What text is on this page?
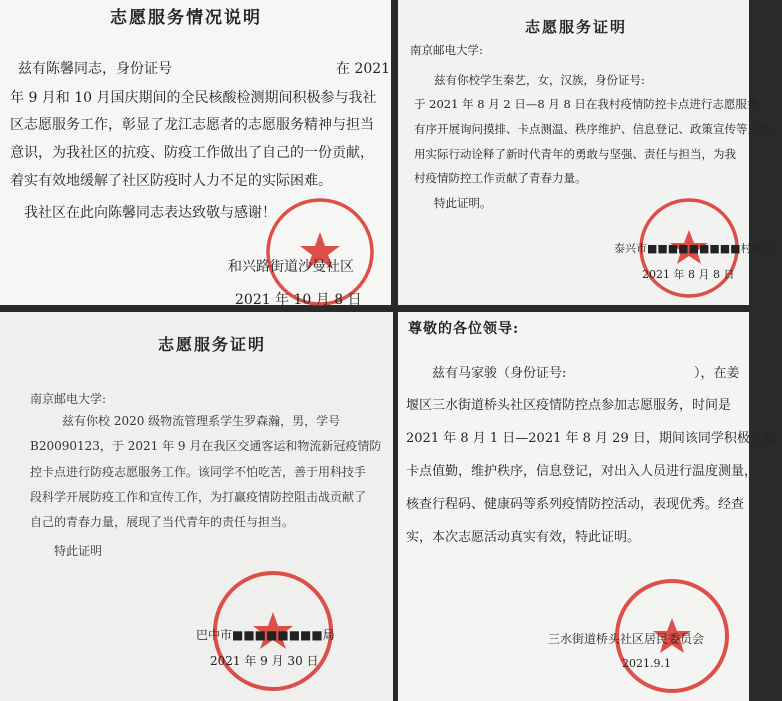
志愿服务情况说明
兹有陈馨同志，身份证号	在 2021
年 9 月和 10 月国庆期间的全民核酸检测期间积极参与我社
区志愿服务工作，彰显了龙江志愿者的志愿服务精神与担当
意识，为我社区的抗疫、防疫工作做出了自己的一份贡献，
着实有效地缓解了社区防疫时人力不足的实际困难。
我社区在此向陈馨同志表达致敬与感谢！
和兴路街道沙曼社区
2021 年 10 月 8 日
志愿服务证明
南京邮电大学:
兹有你校学生秦艺，女，汉族，身份证号:
于 2021 年 8 月 2 日—8 月 8 日在我村疫情防控卡点进行志愿服务，
有序开展询问摸排、卡点测温、秩序维护、信息登记、政策宣传等工作，
用实际行动诠释了新时代青年的勇敢与坚强、责任与担当，为我
村疫情防控工作贡献了青春力量。
特此证明。
泰兴市■■■■■■■■■村委会
2021 年 8 月 8 日
志愿服务证明
南京邮电大学:
兹有你校 2020 级物流管理系学生罗森瀚，男，学号
B20090123，于 2021 年 9 月在我区交通客运和物流新冠疫情防
控卡点进行防疫志愿服务工作。该同学不怕吃苦，善于用科技手
段科学开展防疫工作和宣传工作，为打赢疫情防控阻击战贡献了
自己的青春力量，展现了当代青年的责任与担当。
特此证明
巴中市■■■■■■■■局
2021 年 9 月 30 日
尊敬的各位领导:
兹有马家骏（身份证号:	），在姜
堰区三水街道桥头社区疫情防控点参加志愿服务，时间是
2021 年 8 月 1 日—2021 年 8 月 29 日，期间该同学积极开展
卡点值勤，维护秩序，信息登记，对出入人员进行温度测量，
核查行程码、健康码等系列疫情防控活动，表现优秀。经查
实，本次志愿活动真实有效，特此证明。
三水街道桥头社区居民委员会
2021.9.1
